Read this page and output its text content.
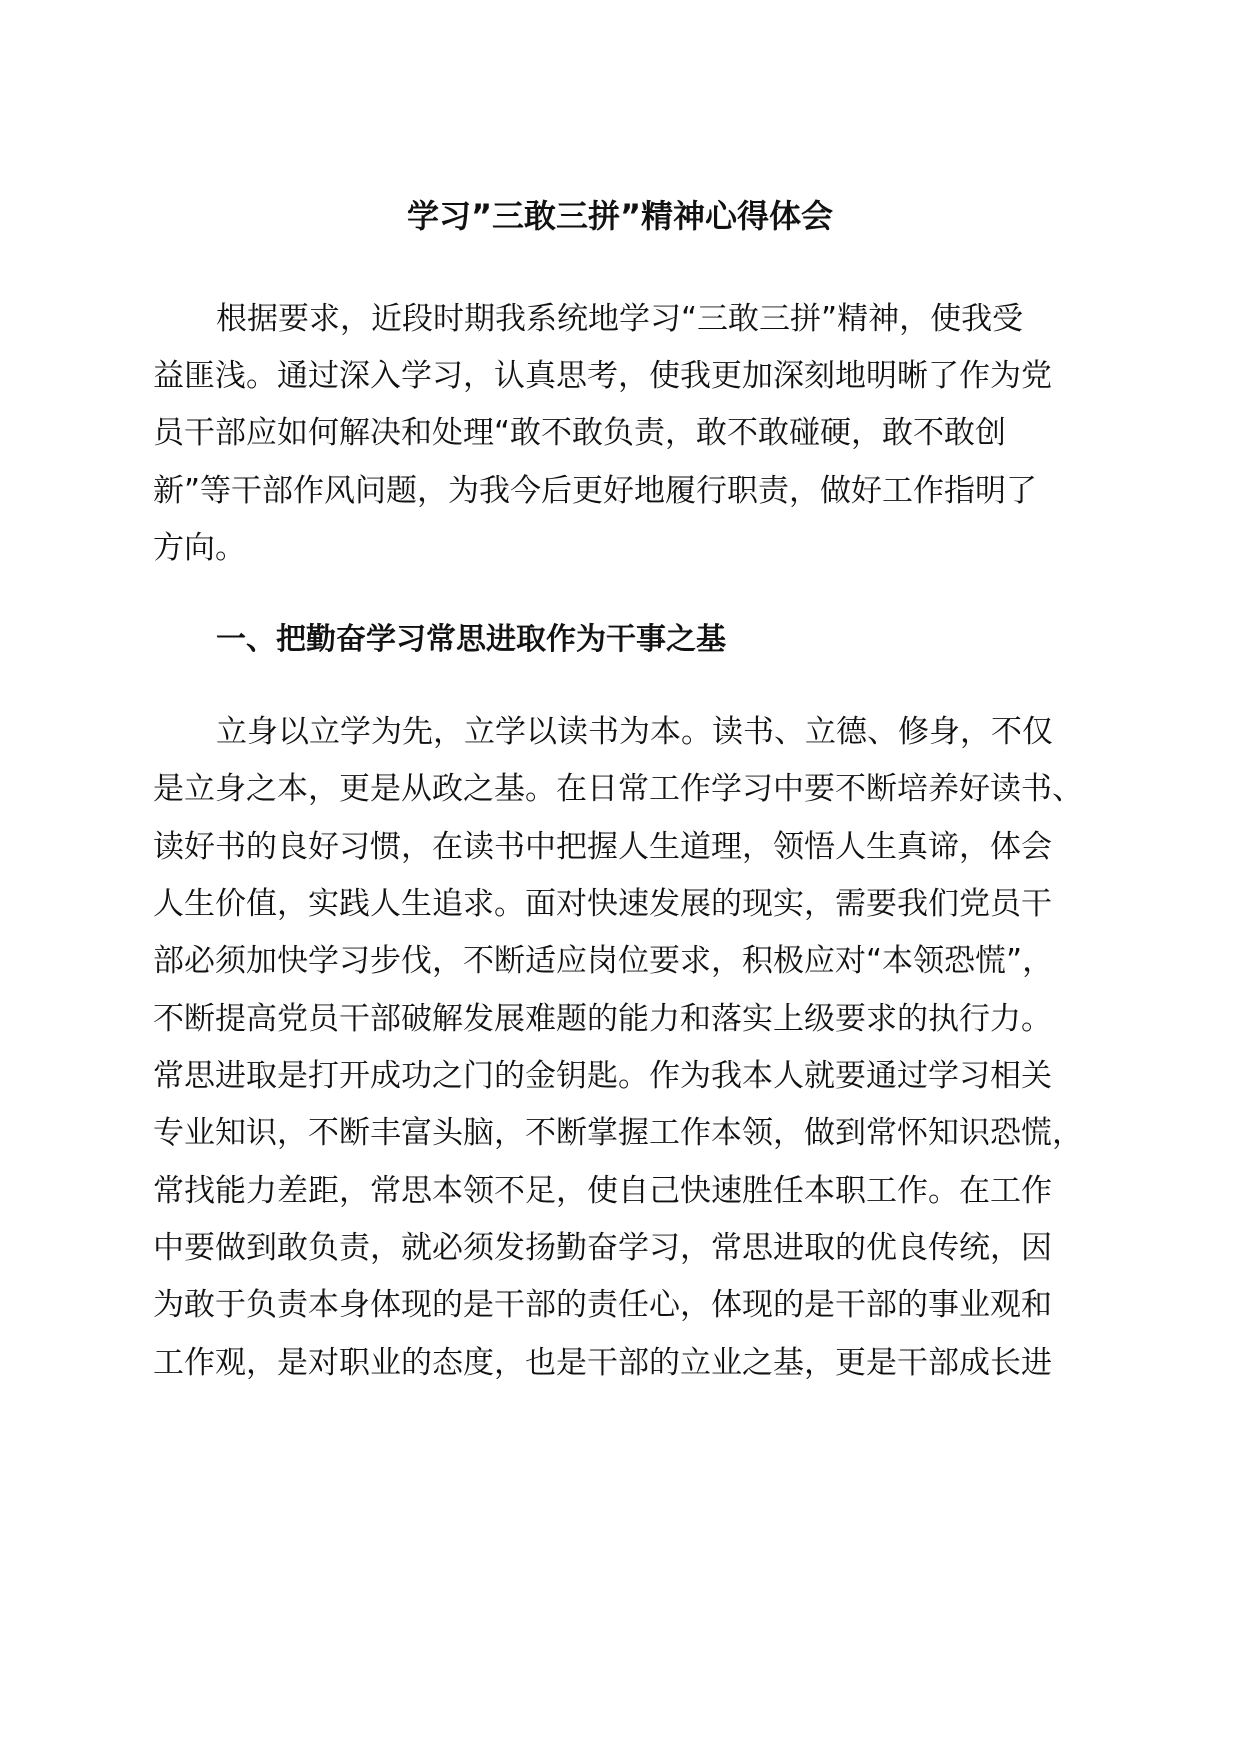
学习”三敢三拼”精神心得体会

根据要求，近段时期我系统地学习“三敢三拼”精神，使我受

益匪浅。通过深入学习，认真思考，使我更加深刻地明晰了作为党

员干部应如何解决和处理“敢不敢负责，敢不敢碰硬，敢不敢创

新”等干部作风问题，为我今后更好地履行职责，做好工作指明了

方向。

一、把勤奋学习常思进取作为干事之基

立身以立学为先，立学以读书为本。读书、立德、修身，不仅

是立身之本，更是从政之基。在日常工作学习中要不断培养好读书、

读好书的良好习惯，在读书中把握人生道理，领悟人生真谛，体会

人生价值，实践人生追求。面对快速发展的现实，需要我们党员干

部必须加快学习步伐，不断适应岗位要求，积极应对“本领恐慌”，

不断提高党员干部破解发展难题的能力和落实上级要求的执行力。

常思进取是打开成功之门的金钥匙。作为我本人就要通过学习相关

专业知识，不断丰富头脑，不断掌握工作本领，做到常怀知识恐慌，

常找能力差距，常思本领不足，使自己快速胜任本职工作。在工作

中要做到敢负责，就必须发扬勤奋学习，常思进取的优良传统，因

为敢于负责本身体现的是干部的责任心，体现的是干部的事业观和

工作观，是对职业的态度，也是干部的立业之基，更是干部成长进
